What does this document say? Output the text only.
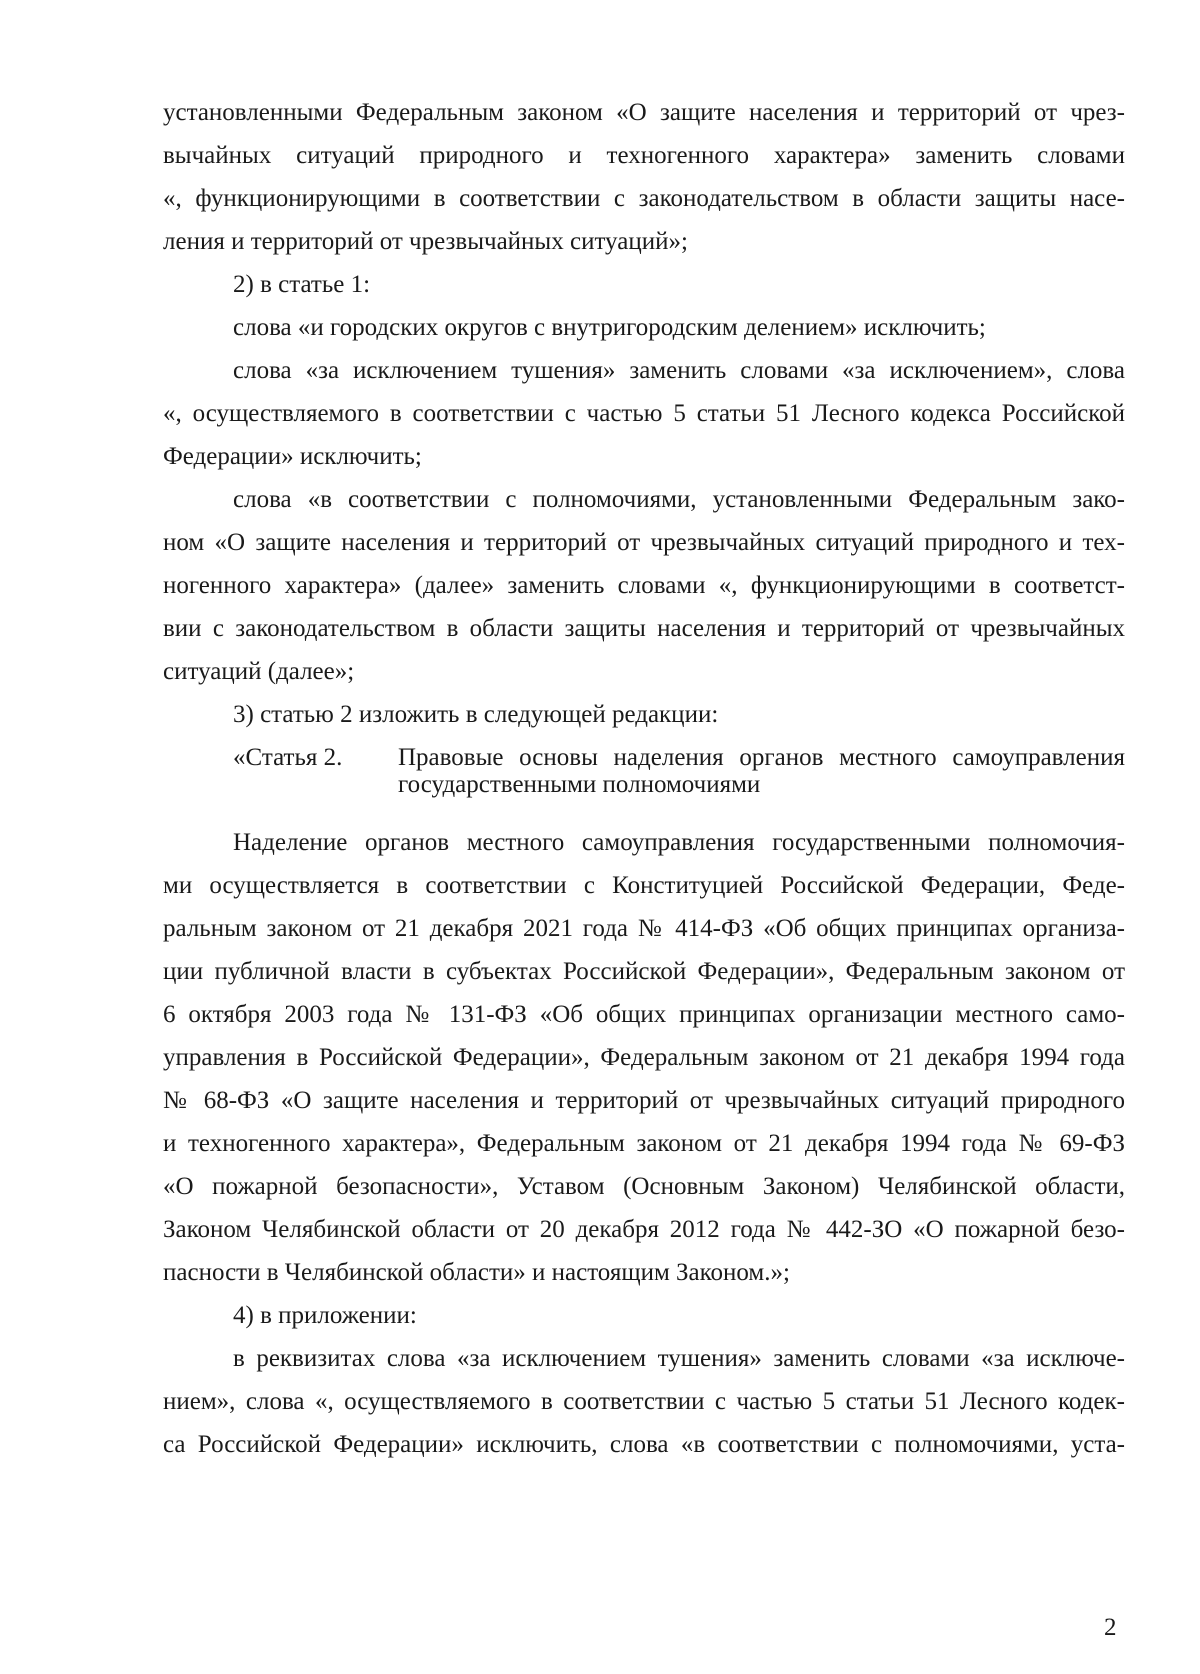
установленными Федеральным законом «О защите населения и территорий от чрез-
вычайных ситуаций природного и техногенного характера» заменить словами
«, функционирующими в соответствии с законодательством в области защиты насе-
ления и территорий от чрезвычайных ситуаций»;
2) в статье 1:
слова «и городских округов с внутригородским делением» исключить;
слова «за исключением тушения» заменить словами «за исключением», слова
«, осуществляемого в соответствии с частью 5 статьи 51 Лесного кодекса Российской
Федерации» исключить;
слова «в соответствии с полномочиями, установленными Федеральным зако-
ном «О защите населения и территорий от чрезвычайных ситуаций природного и тех-
ногенного характера» (далее» заменить словами «, функционирующими в соответст-
вии с законодательством в области защиты населения и территорий от чрезвычайных
ситуаций (далее»;
3) статью 2 изложить в следующей редакции:
«Статья 2. Правовые основы наделения органов местного самоуправления
государственными полномочиями
Наделение органов местного самоуправления государственными полномочия-
ми осуществляется в соответствии с Конституцией Российской Федерации, Феде-
ральным законом от 21 декабря 2021 года № 414-ФЗ «Об общих принципах организа-
ции публичной власти в субъектах Российской Федерации», Федеральным законом от
6 октября 2003 года № 131-ФЗ «Об общих принципах организации местного само-
управления в Российской Федерации», Федеральным законом от 21 декабря 1994 года
№ 68-ФЗ «О защите населения и территорий от чрезвычайных ситуаций природного
и техногенного характера», Федеральным законом от 21 декабря 1994 года № 69-ФЗ
«О пожарной безопасности», Уставом (Основным Законом) Челябинской области,
Законом Челябинской области от 20 декабря 2012 года № 442-ЗО «О пожарной безо-
пасности в Челябинской области» и настоящим Законом.»;
4) в приложении:
в реквизитах слова «за исключением тушения» заменить словами «за исключе-
нием», слова «, осуществляемого в соответствии с частью 5 статьи 51 Лесного кодек-
са Российской Федерации» исключить, слова «в соответствии с полномочиями, уста-
2
